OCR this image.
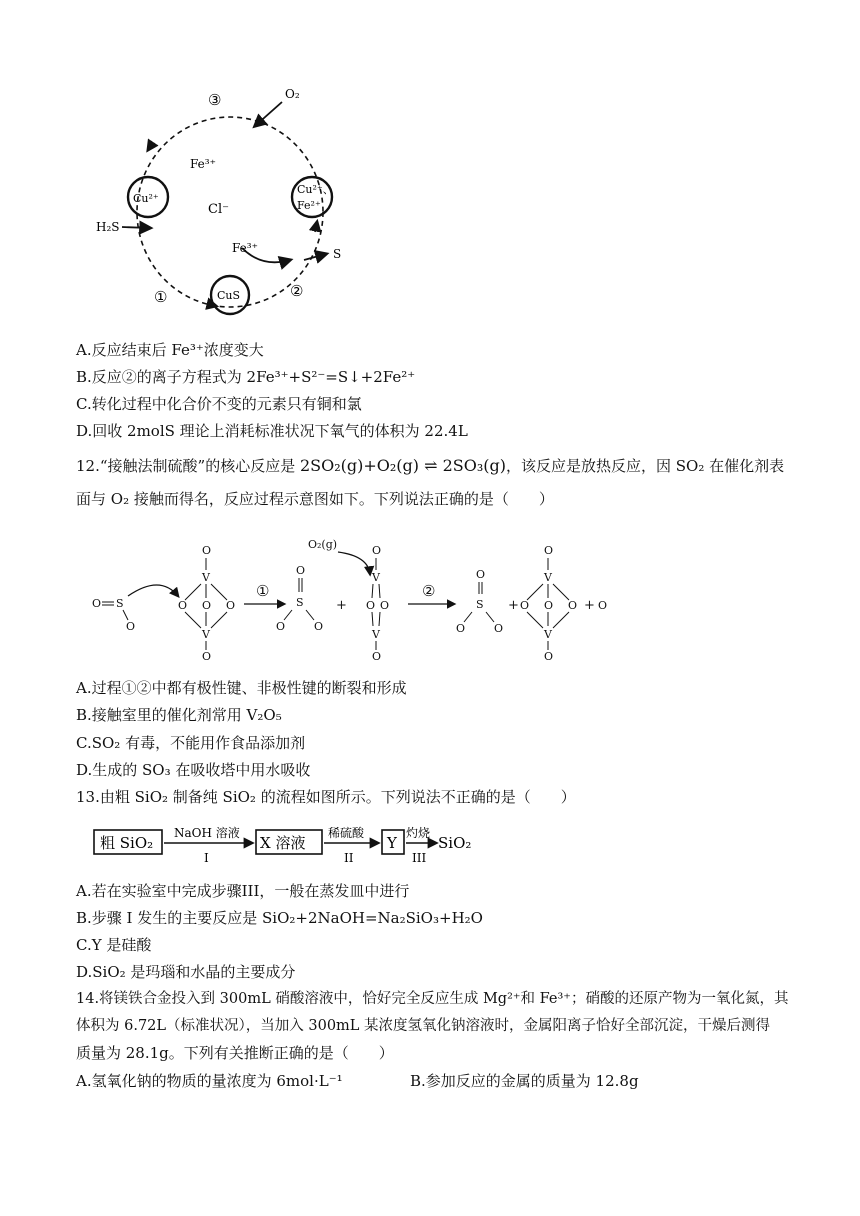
O₂
③
Fe³⁺
Cu²⁺
Cl⁻
Cu²⁺、
Fe²⁺
H₂S
①	CuS	②
Fe³⁺	S
A.反应结束后 Fe³⁺浓度变大
B.反应②的离子方程式为 2Fe³⁺+S²⁻=S↓+2Fe²⁺
C.转化过程中化合价不变的元素只有铜和氯
D.回收 2molS 理论上消耗标准状况下氧气的体积为 22.4L
12.“接触法制硫酸”的核心反应是 2SO₂(g)+O₂(g) ⇌ 2SO₃(g)，该反应是放热反应，因 SO₂ 在催化剂表
面与 O₂ 接触而得名，反应过程示意图如下。下列说法正确的是（　　）
O S
O
O
V
O O O
V
O
①
O
S
O	O
+
O₂(g)	O
V
O O
V
O
②
O
S
O	O
+
O
V
O O O
V
O
+ O
A.过程①②中都有极性键、非极性键的断裂和形成
B.接触室里的催化剂常用 V₂O₅
C.SO₂ 有毒，不能用作食品添加剂
D.生成的 SO₃ 在吸收塔中用水吸收
13.由粗 SiO₂ 制备纯 SiO₂ 的流程如图所示。下列说法不正确的是（　　）
粗 SiO₂
NaOH 溶液
I
X 溶液
稀硫酸
II
Y
灼烧
III
SiO₂
A.若在实验室中完成步骤III，一般在蒸发皿中进行
B.步骤 I 发生的主要反应是 SiO₂+2NaOH=Na₂SiO₃+H₂O
C.Y 是硅酸
D.SiO₂ 是玛瑙和水晶的主要成分
14.将镁铁合金投入到 300mL 硝酸溶液中，恰好完全反应生成 Mg²⁺和 Fe³⁺；硝酸的还原产物为一氧化氮，其
体积为 6.72L（标准状况），当加入 300mL 某浓度氢氧化钠溶液时，金属阳离子恰好全部沉淀，干燥后测得
质量为 28.1g。下列有关推断正确的是（　　）
A.氢氧化钠的物质的量浓度为 6mol·L⁻¹	B.参加反应的金属的质量为 12.8g
